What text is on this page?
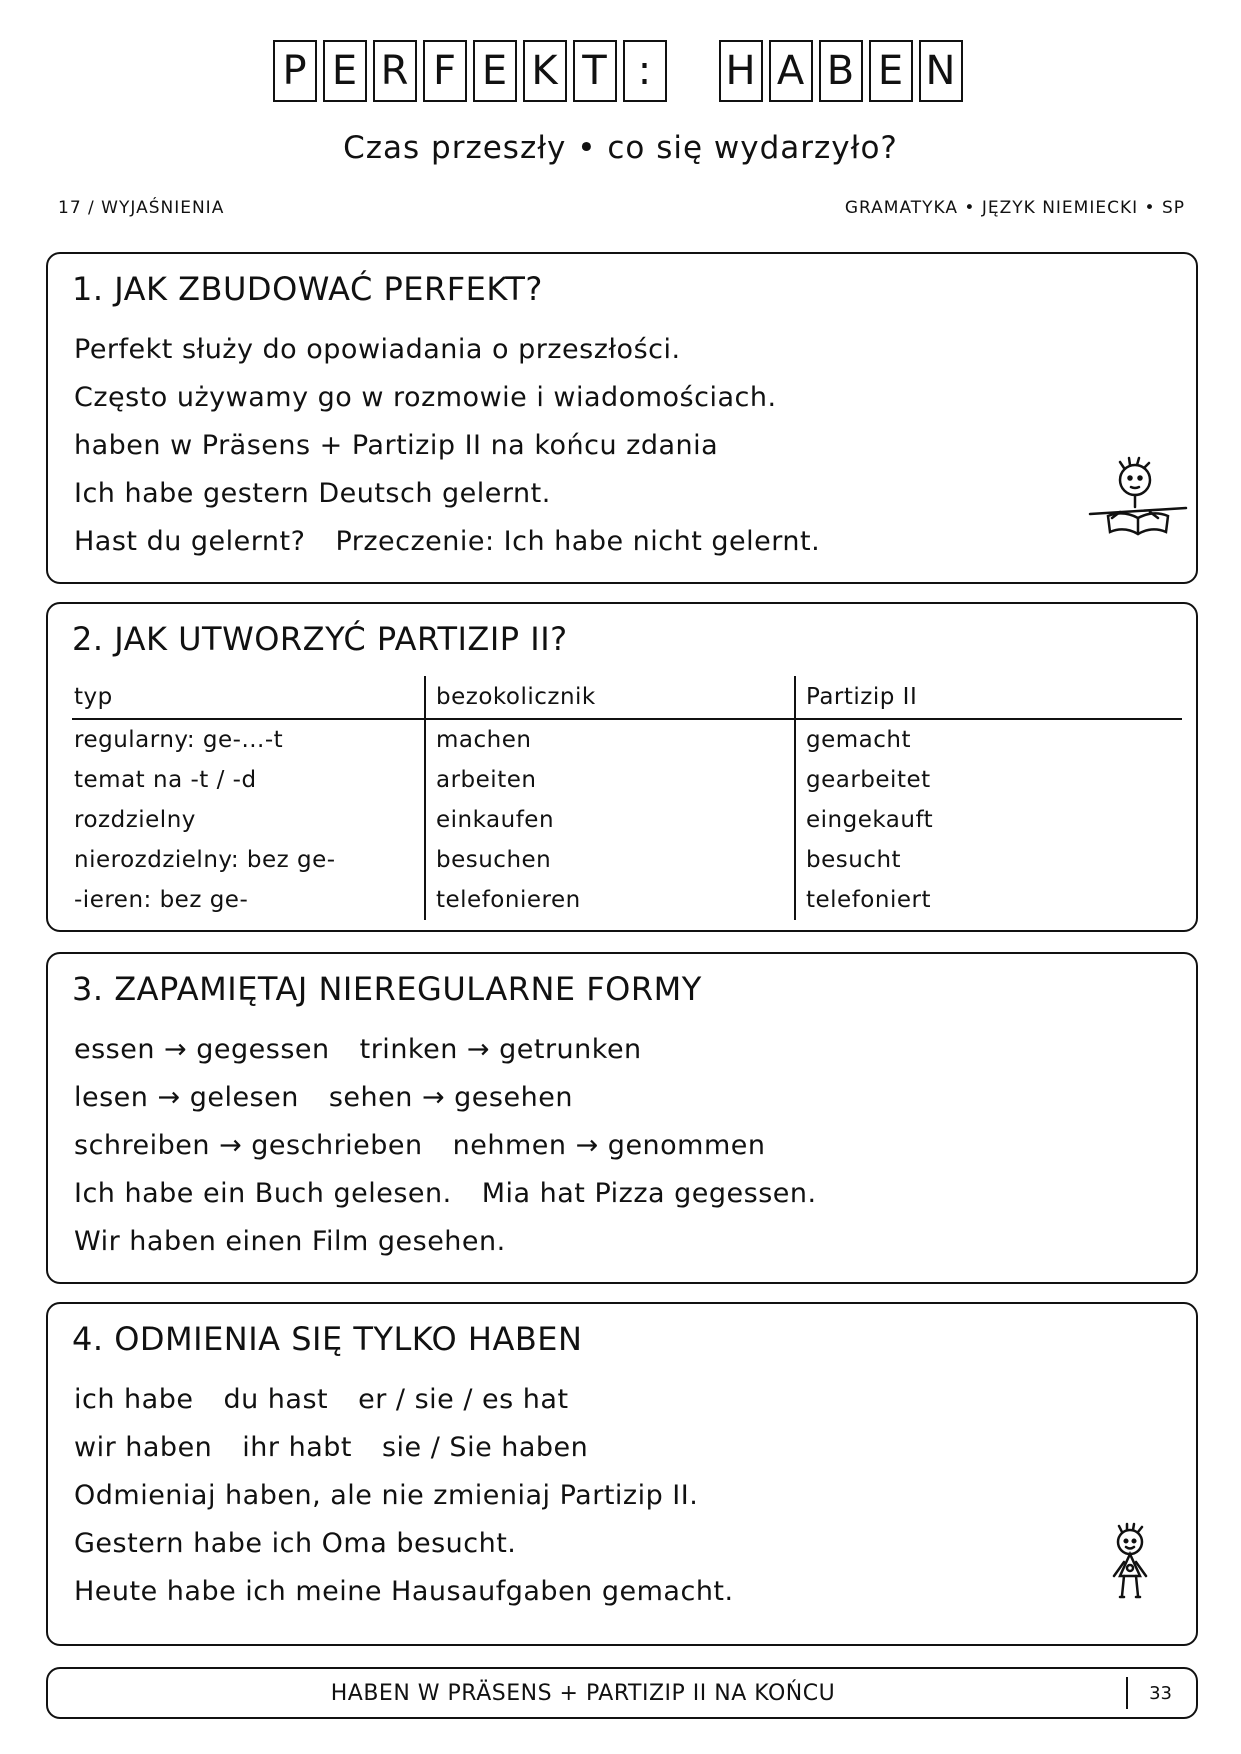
P E R F E K T :	H A B E N
Czas przeszły • co się wydarzyło?
17 / WYJAŚNIENIA	GRAMATYKA • JĘZYK NIEMIECKI • SP
1. JAK ZBUDOWAĆ PERFEKT?
Perfekt służy do opowiadania o przeszłości.
Często używamy go w rozmowie i wiadomościach.
haben w Präsens + Partizip II na końcu zdania
Ich habe gestern Deutsch gelernt.
Hast du gelernt? Przeczenie: Ich habe nicht gelernt.
2. JAK UTWORZYĆ PARTIZIP II?
typ	bezokolicznik	Partizip II
regularny: ge-...-t	machen	gemacht
temat na -t / -d	arbeiten	gearbeitet
rozdzielny	einkaufen	eingekauft
nierozdzielny: bez ge-	besuchen	besucht
-ieren: bez ge-	telefonieren	telefoniert
3. ZAPAMIĘTAJ NIEREGULARNE FORMY
essen → gegessen trinken → getrunken
lesen → gelesen sehen → gesehen
schreiben → geschrieben nehmen → genommen
Ich habe ein Buch gelesen. Mia hat Pizza gegessen.
Wir haben einen Film gesehen.
4. ODMIENIA SIĘ TYLKO HABEN
ich habe du hast er / sie / es hat
wir haben ihr habt sie / Sie haben
Odmieniaj haben, ale nie zmieniaj Partizip II.
Gestern habe ich Oma besucht.
Heute habe ich meine Hausaufgaben gemacht.
HABEN W PRÄSENS + PARTIZIP II NA KOŃCU	33
